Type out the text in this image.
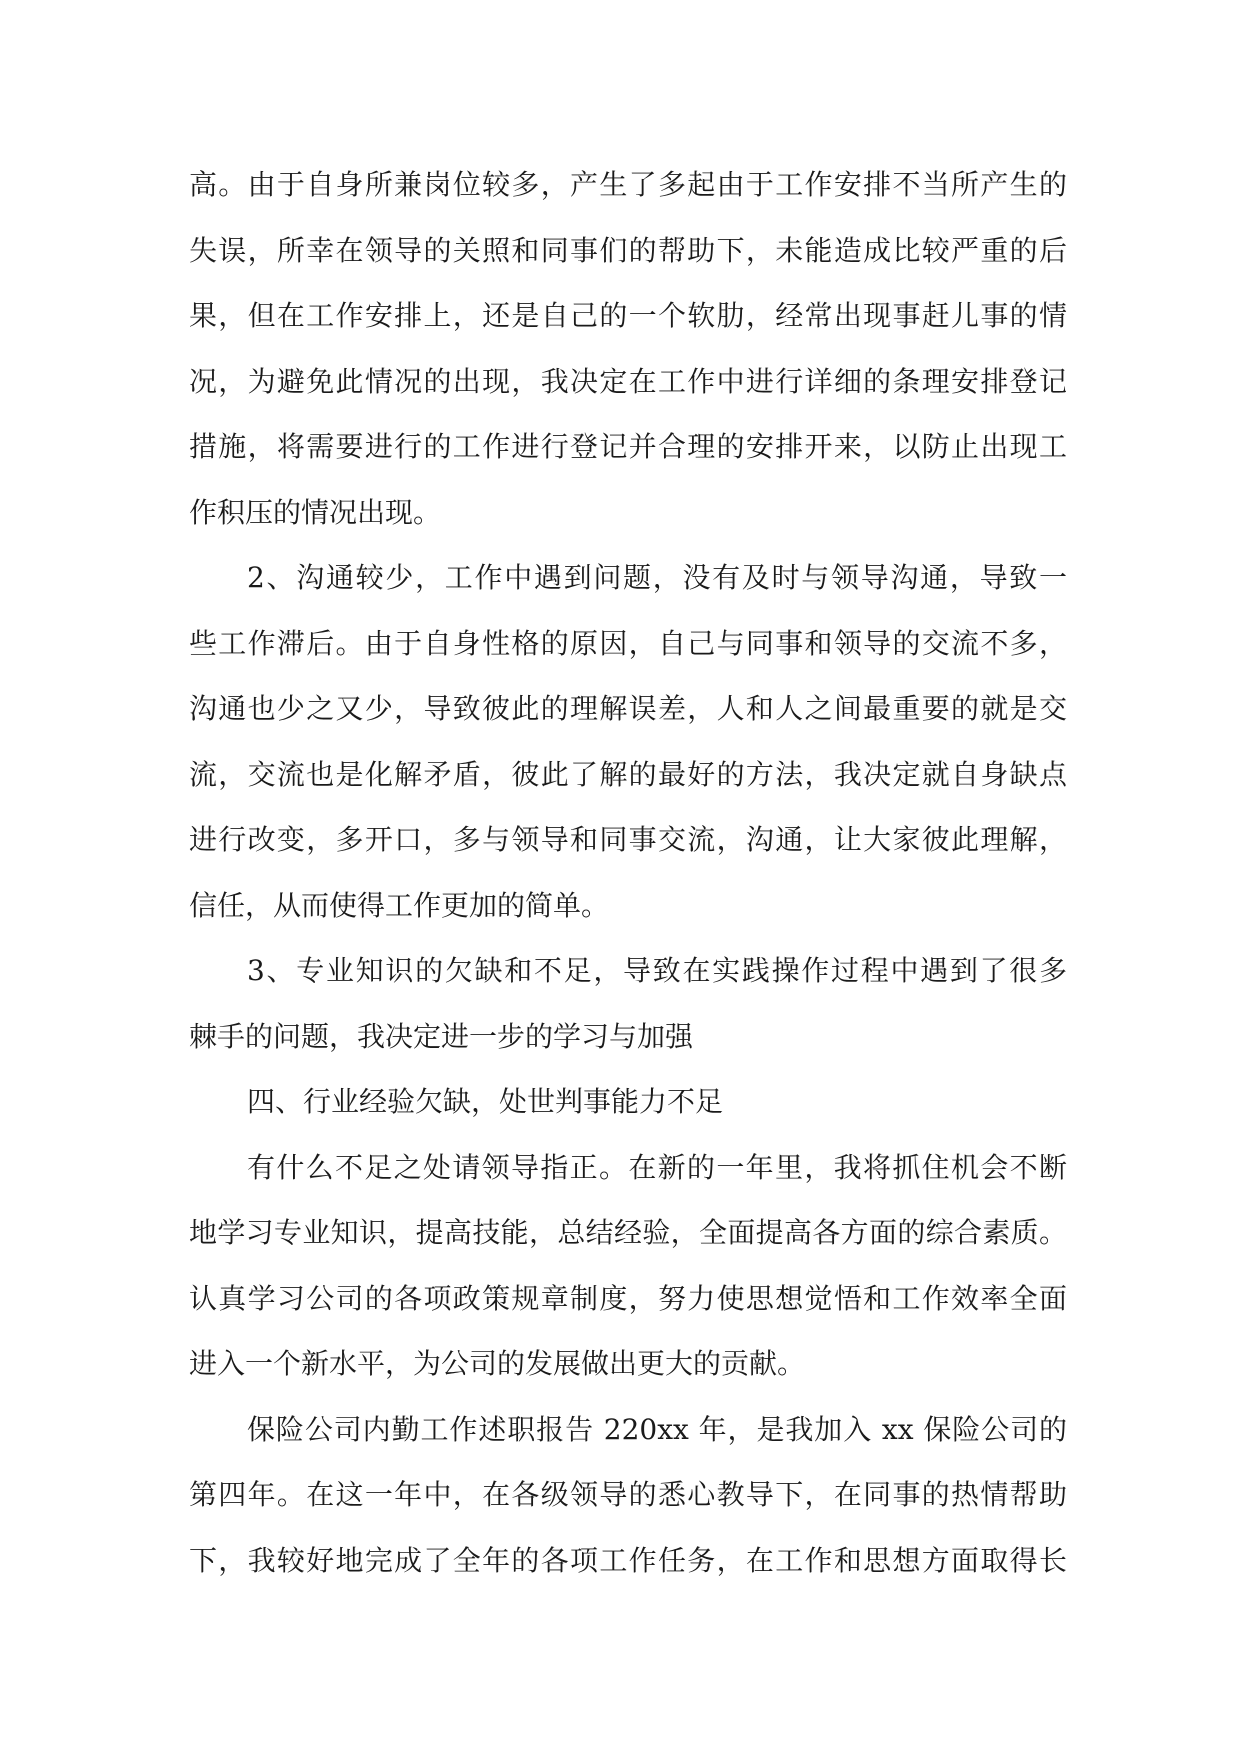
高。由于自身所兼岗位较多，产生了多起由于工作安排不当所产生的
失误，所幸在领导的关照和同事们的帮助下，未能造成比较严重的后
果，但在工作安排上，还是自己的一个软肋，经常出现事赶儿事的情
况，为避免此情况的出现，我决定在工作中进行详细的条理安排登记
措施，将需要进行的工作进行登记并合理的安排开来，以防止出现工
作积压的情况出现。
2、沟通较少，工作中遇到问题，没有及时与领导沟通，导致一
些工作滞后。由于自身性格的原因，自己与同事和领导的交流不多，
沟通也少之又少，导致彼此的理解误差，人和人之间最重要的就是交
流，交流也是化解矛盾，彼此了解的最好的方法，我决定就自身缺点
进行改变，多开口，多与领导和同事交流，沟通，让大家彼此理解，
信任，从而使得工作更加的简单。
3、专业知识的欠缺和不足，导致在实践操作过程中遇到了很多
棘手的问题，我决定进一步的学习与加强
四、行业经验欠缺，处世判事能力不足
有什么不足之处请领导指正。在新的一年里，我将抓住机会不断
地学习专业知识，提高技能，总结经验，全面提高各方面的综合素质。
认真学习公司的各项政策规章制度，努力使思想觉悟和工作效率全面
进入一个新水平，为公司的发展做出更大的贡献。
保险公司内勤工作述职报告 220xx 年，是我加入 xx 保险公司的
第四年。在这一年中，在各级领导的悉心教导下，在同事的热情帮助
下，我较好地完成了全年的各项工作任务，在工作和思想方面取得长
